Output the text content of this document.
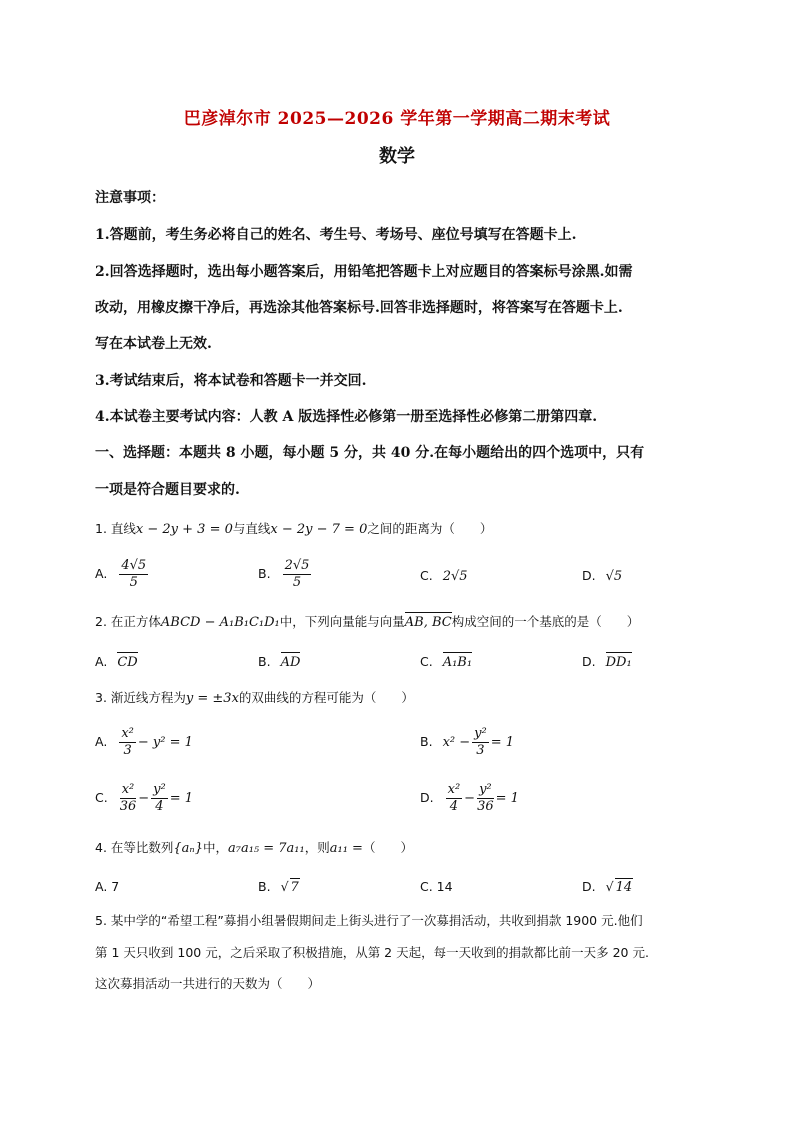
巴彦淖尔市 2025—2026 学年第一学期高二期末考试
数学
注意事项：
1.答题前，考生务必将自己的姓名、考生号、考场号、座位号填写在答题卡上.
2.回答选择题时，选出每小题答案后，用铅笔把答题卡上对应题目的答案标号涂黑.如需
改动，用橡皮擦干净后，再选涂其他答案标号.回答非选择题时，将答案写在答题卡上.
写在本试卷上无效.
3.考试结束后，将本试卷和答题卡一并交回.
4.本试卷主要考试内容：人教 A 版选择性必修第一册至选择性必修第二册第四章.
一、选择题：本题共 8 小题，每小题 5 分，共 40 分.在每小题给出的四个选项中，只有
一项是符合题目要求的.
1. 直线x − 2y + 3 = 0与直线x − 2y − 7 = 0之间的距离为（　　）
A. $\frac{4√5}{5}$	B. $\frac{2√5}{5}$	C. 2√5	D. √5
2. 在正方体ABCD − A₁B₁C₁D₁中，下列向量能与向量AB, BC构成空间的一个基底的是（　　）
A. CD	B. AD	C. A₁B₁	D. DD₁
3. 渐近线方程为y = ±3x的双曲线的方程可能为（　　）
A. $\frac{\text{x²}}{3} - y^2 = 1$	B. $x^2 - \frac{\text{y²}}{3} = 1$
C. $\frac{\text{x²}}{36} - \frac{\text{y²}}{4} = 1$	D. $\frac{\text{x²}}{4} - \frac{\text{y²}}{36} = 1$
4. 在等比数列{aₙ}中，a₇a₁₅ = 7a₁₁，则a₁₁ =（　　）
A. 7	B. √ 7	C. 14	D. √ 14
5. 某中学的“希望工程”募捐小组暑假期间走上街头进行了一次募捐活动，共收到捐款 1900 元.他们
第 1 天只收到 100 元，之后采取了积极措施，从第 2 天起，每一天收到的捐款都比前一天多 20 元.
这次募捐活动一共进行的天数为（　　）
